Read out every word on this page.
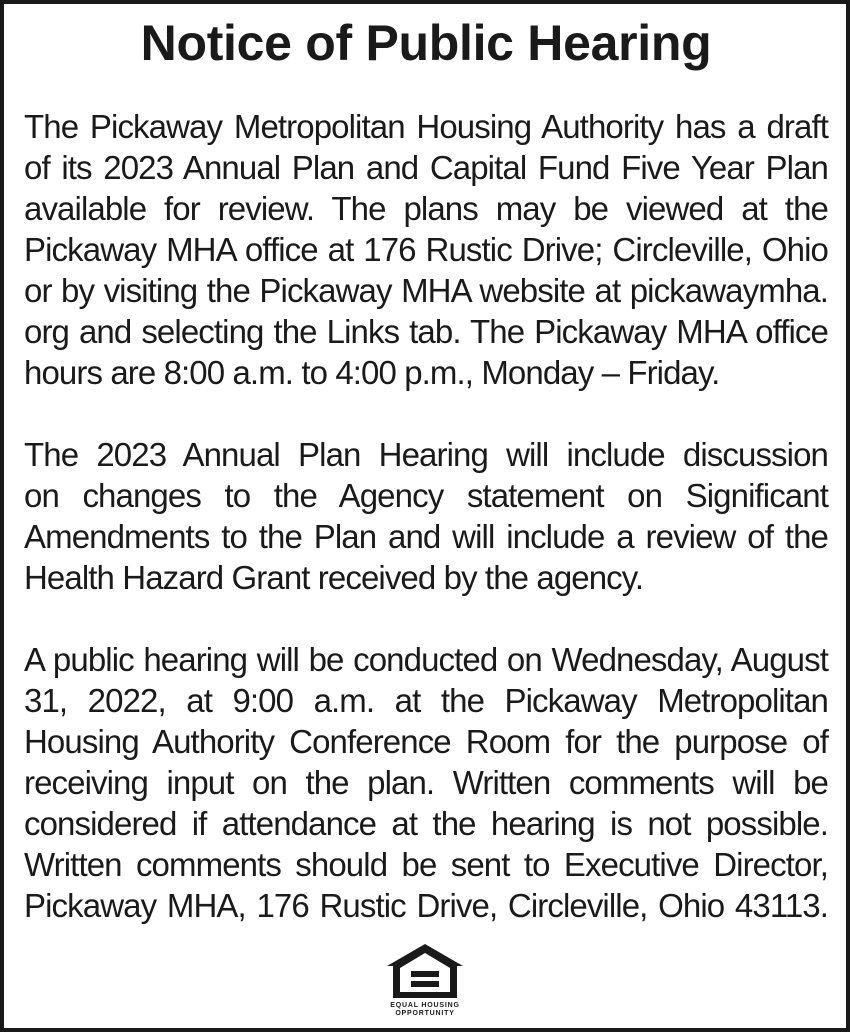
Notice of Public Hearing

The Pickaway Metropolitan Housing Authority has a draft
of its 2023 Annual Plan and Capital Fund Five Year Plan
available for review. The plans may be viewed at the
Pickaway MHA office at 176 Rustic Drive; Circleville, Ohio
or by visiting the Pickaway MHA website at pickawaymha.
org and selecting the Links tab. The Pickaway MHA office
hours are 8:00 a.m. to 4:00 p.m., Monday – Friday.

The 2023 Annual Plan Hearing will include discussion
on changes to the Agency statement on Significant
Amendments to the Plan and will include a review of the
Health Hazard Grant received by the agency.

A public hearing will be conducted on Wednesday, August
31, 2022, at 9:00 a.m. at the Pickaway Metropolitan
Housing Authority Conference Room for the purpose of
receiving input on the plan. Written comments will be
considered if attendance at the hearing is not possible.
Written comments should be sent to Executive Director,
Pickaway MHA, 176 Rustic Drive, Circleville, Ohio 43113.

EQUAL HOUSING
OPPORTUNITY
